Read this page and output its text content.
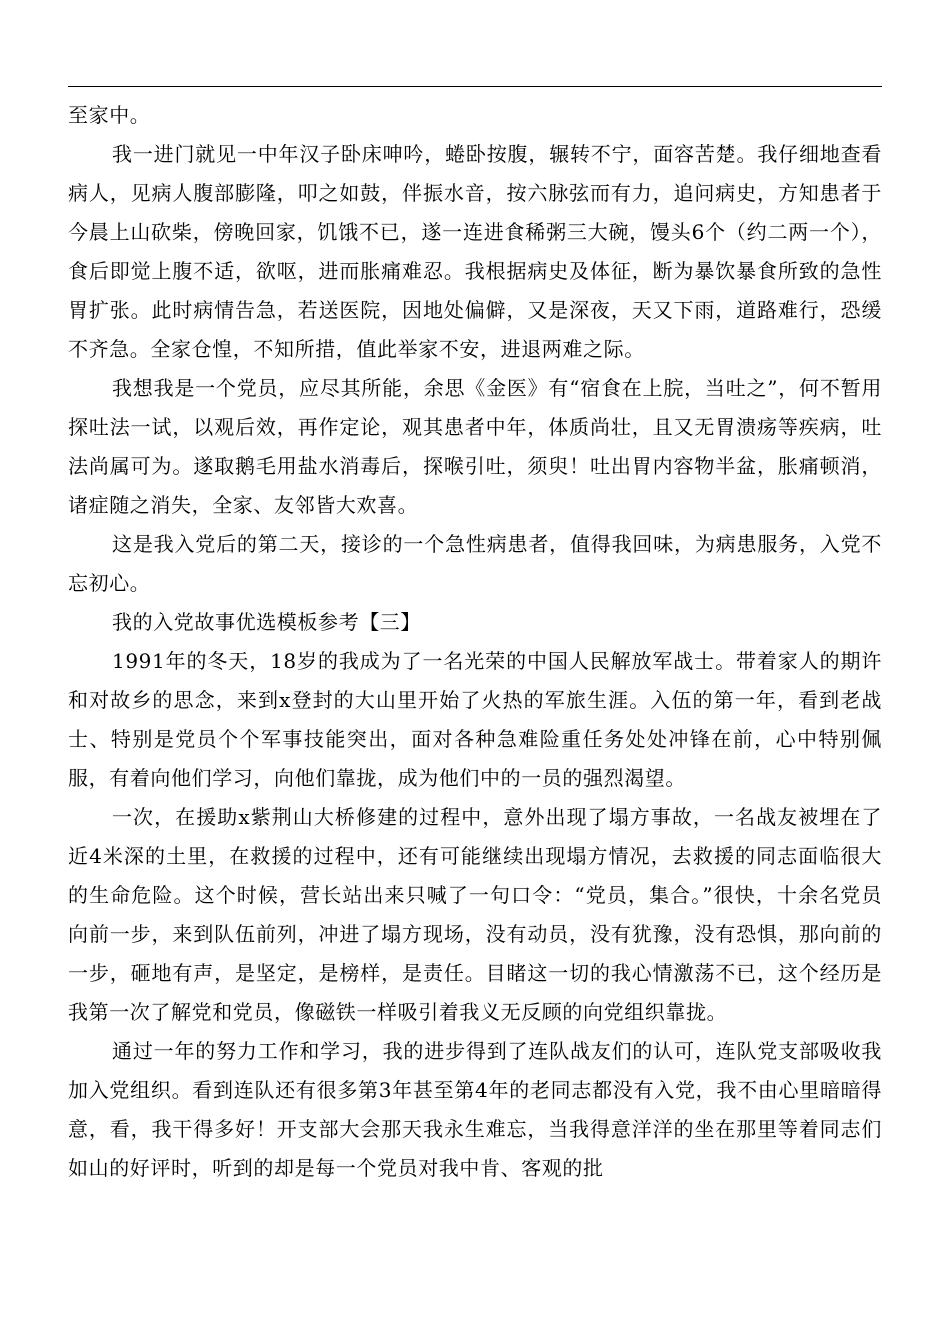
至家中。

我一进门就见一中年汉子卧床呻吟，蜷卧按腹，辗转不宁，面容苦楚。我仔细地查看病人，见病人腹部膨隆，叩之如鼓，伴振水音，按六脉弦而有力，追问病史，方知患者于今晨上山砍柴，傍晚回家，饥饿不已，遂一连进食稀粥三大碗，馒头6个（约二两一个），食后即觉上腹不适，欲呕，进而胀痛难忍。我根据病史及体征，断为暴饮暴食所致的急性胃扩张。此时病情告急，若送医院，因地处偏僻，又是深夜，天又下雨，道路难行，恐缓不齐急。全家仓惶，不知所措，值此举家不安，进退两难之际。

我想我是一个党员，应尽其所能，余思《金医》有“宿食在上脘，当吐之”，何不暂用探吐法一试，以观后效，再作定论，观其患者中年，体质尚壮，且又无胃溃疡等疾病，吐法尚属可为。遂取鹅毛用盐水消毒后，探喉引吐，须臾！吐出胃内容物半盆，胀痛顿消，诸症随之消失，全家、友邻皆大欢喜。

这是我入党后的第二天，接诊的一个急性病患者，值得我回味，为病患服务，入党不忘初心。

我的入党故事优选模板参考【三】

1991年的冬天，18岁的我成为了一名光荣的中国人民解放军战士。带着家人的期许和对故乡的思念，来到x登封的大山里开始了火热的军旅生涯。入伍的第一年，看到老战士、特别是党员个个军事技能突出，面对各种急难险重任务处处冲锋在前，心中特别佩服，有着向他们学习，向他们靠拢，成为他们中的一员的强烈渴望。

一次，在援助x紫荆山大桥修建的过程中，意外出现了塌方事故，一名战友被埋在了近4米深的土里，在救援的过程中，还有可能继续出现塌方情况，去救援的同志面临很大的生命危险。这个时候，营长站出来只喊了一句口令：“党员，集合。”很快，十余名党员向前一步，来到队伍前列，冲进了塌方现场，没有动员，没有犹豫，没有恐惧，那向前的一步，砸地有声，是坚定，是榜样，是责任。目睹这一切的我心情激荡不已，这个经历是我第一次了解党和党员，像磁铁一样吸引着我义无反顾的向党组织靠拢。

通过一年的努力工作和学习，我的进步得到了连队战友们的认可，连队党支部吸收我加入党组织。看到连队还有很多第3年甚至第4年的老同志都没有入党，我不由心里暗暗得意，看，我干得多好！开支部大会那天我永生难忘，当我得意洋洋的坐在那里等着同志们如山的好评时，听到的却是每一个党员对我中肯、客观的批
